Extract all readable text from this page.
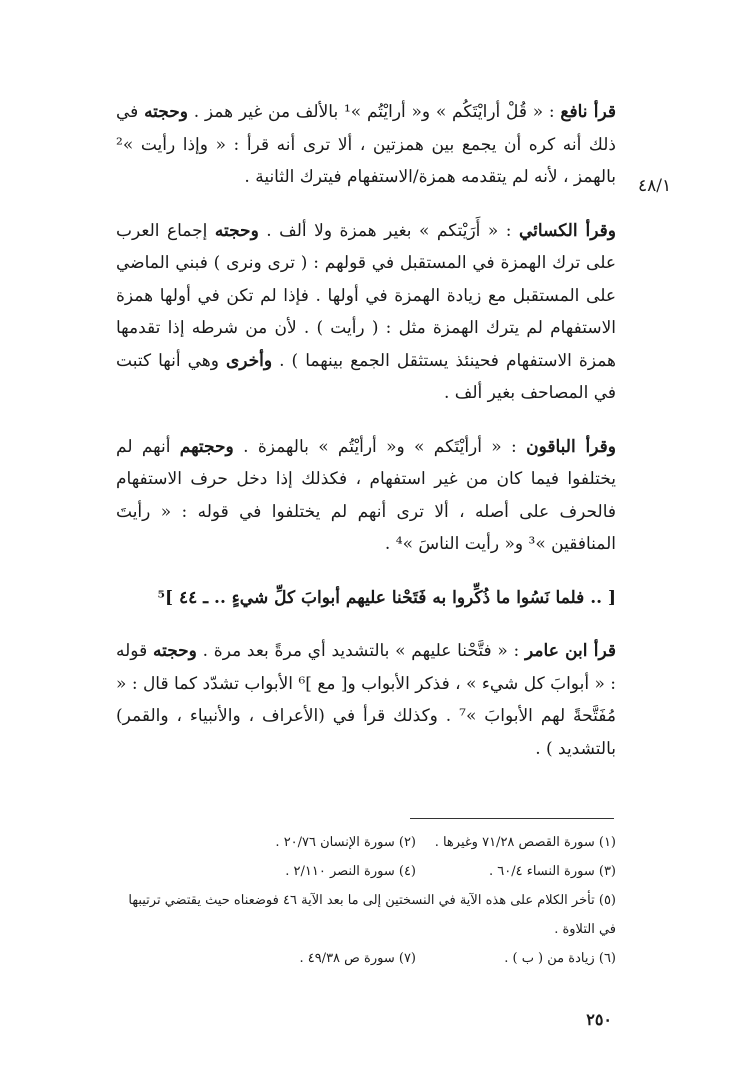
قرأ نافع : « قُلْ أرايْتَكُم » و« أرايْتُم »¹ بالألف من غير همز . وحجته في ذلك أنه كره أن يجمع بين همزتين ، ألا ترى أنه قرأ : « وإذا رأيت »² بالهمز ، لأنه لم يتقدمه همزة/الاستفهام فيترك الثانية .

وقرأ الكسائي : « أَرَيْتكم » بغير همزة ولا ألف . وحجته إجماع العرب على ترك الهمزة في المستقبل في قولهم : ( ترى ونرى ) فبني الماضي على المستقبل مع زيادة الهمزة في أولها . فإذا لم تكن في أولها همزة الاستفهام لم يترك الهمزة مثل : ( رأيت ) . لأن من شرطه إذا تقدمها همزة الاستفهام فحينئذ يستثقل الجمع بينهما ) . وأخرى وهي أنها كتبت في المصاحف بغير ألف .

وقرأ الباقون : « أرأيْتَكم » و« أرأيْتُم » بالهمزة . وحجتهم أنهم لم يختلفوا فيما كان من غير استفهام ، فكذلك إذا دخل حرف الاستفهام فالحرف على أصله ، ألا ترى أنهم لم يختلفوا في قوله : « رأيتَ المنافقين »³ و« رأيت الناسَ »⁴ .

[ .. فلما نَسُوا ما ذُكِّروا به فَتَحْنا عليهم أبوابَ كلِّ شيءٍ .. ـ ٤٤ ]⁵

قرأ ابن عامر : « فتَّحْنا عليهم » بالتشديد أي مرةً بعد مرة . وحجته قوله : « أبوابَ كل شيء » ، فذكر الأبواب و[ مع ]⁶ الأبواب تشدّد كما قال : « مُفَتَّحةً لهم الأبوابَ »⁷ . وكذلك قرأ في (الأعراف ، والأنبياء ، والقمر) بالتشديد ) .

٤٨/١
(١) سورة القصص ٧١/٢٨ وغيرها .
(٢) سورة الإنسان ٢٠/٧٦ .
(٣) سورة النساء ٦٠/٤ .
(٤) سورة النصر ٢/١١٠ .
(٥) تأخر الكلام على هذه الآية في النسختين إلى ما بعد الآية ٤٦ فوضعناه حيث يقتضي ترتيبها في التلاوة .
(٦) زيادة من ( ب ) .
(٧) سورة ص ٤٩/٣٨ .
٢٥٠
